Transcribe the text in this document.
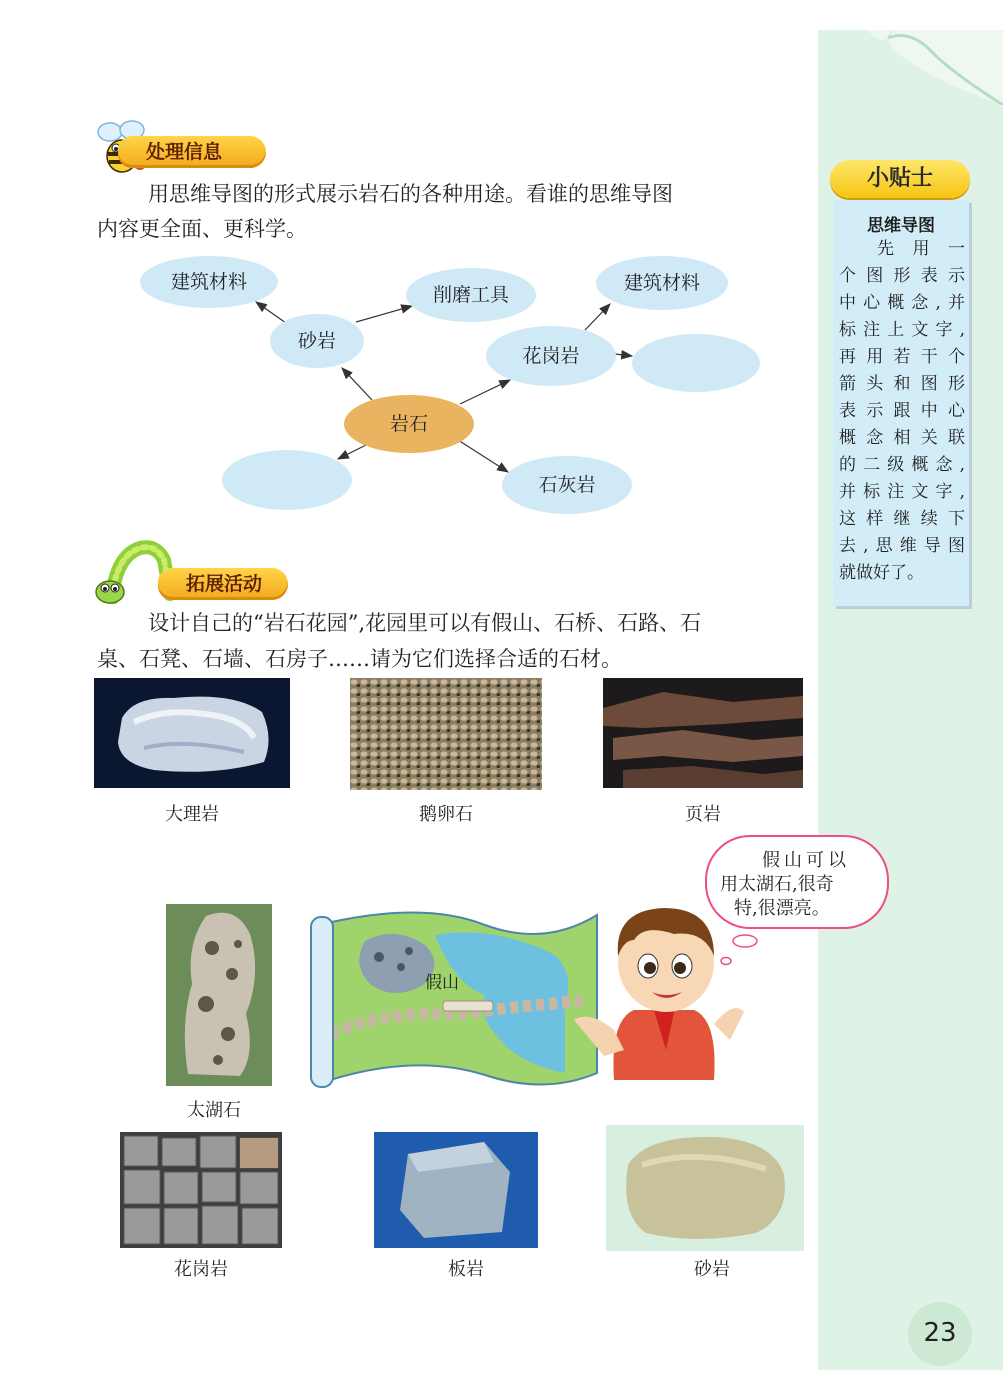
小贴士
思维导图
先 用 一
个图形表示
中心概念,并
标注上文字,
再用若干个
箭头和图形
表示跟中心
概念相关联
的二级概念,
并标注文字,
这样继续下
去,思维导图
就做好了。
23
处理信息
用思维导图的形式展示岩石的各种用途。看谁的思维导图
内容更全面、更科学。
建筑材料
砂岩
削磨工具
建筑材料
花岗岩
岩石
石灰岩
拓展活动
设计自己的“岩石花园”,花园里可以有假山、石桥、石路、石
桌、石凳、石墙、石房子……请为它们选择合适的石材。
大理岩	鹅卵石	页岩
假山可以
用太湖石,很奇
特,很漂亮。
太湖石
假山
花岗岩	板岩	砂岩
